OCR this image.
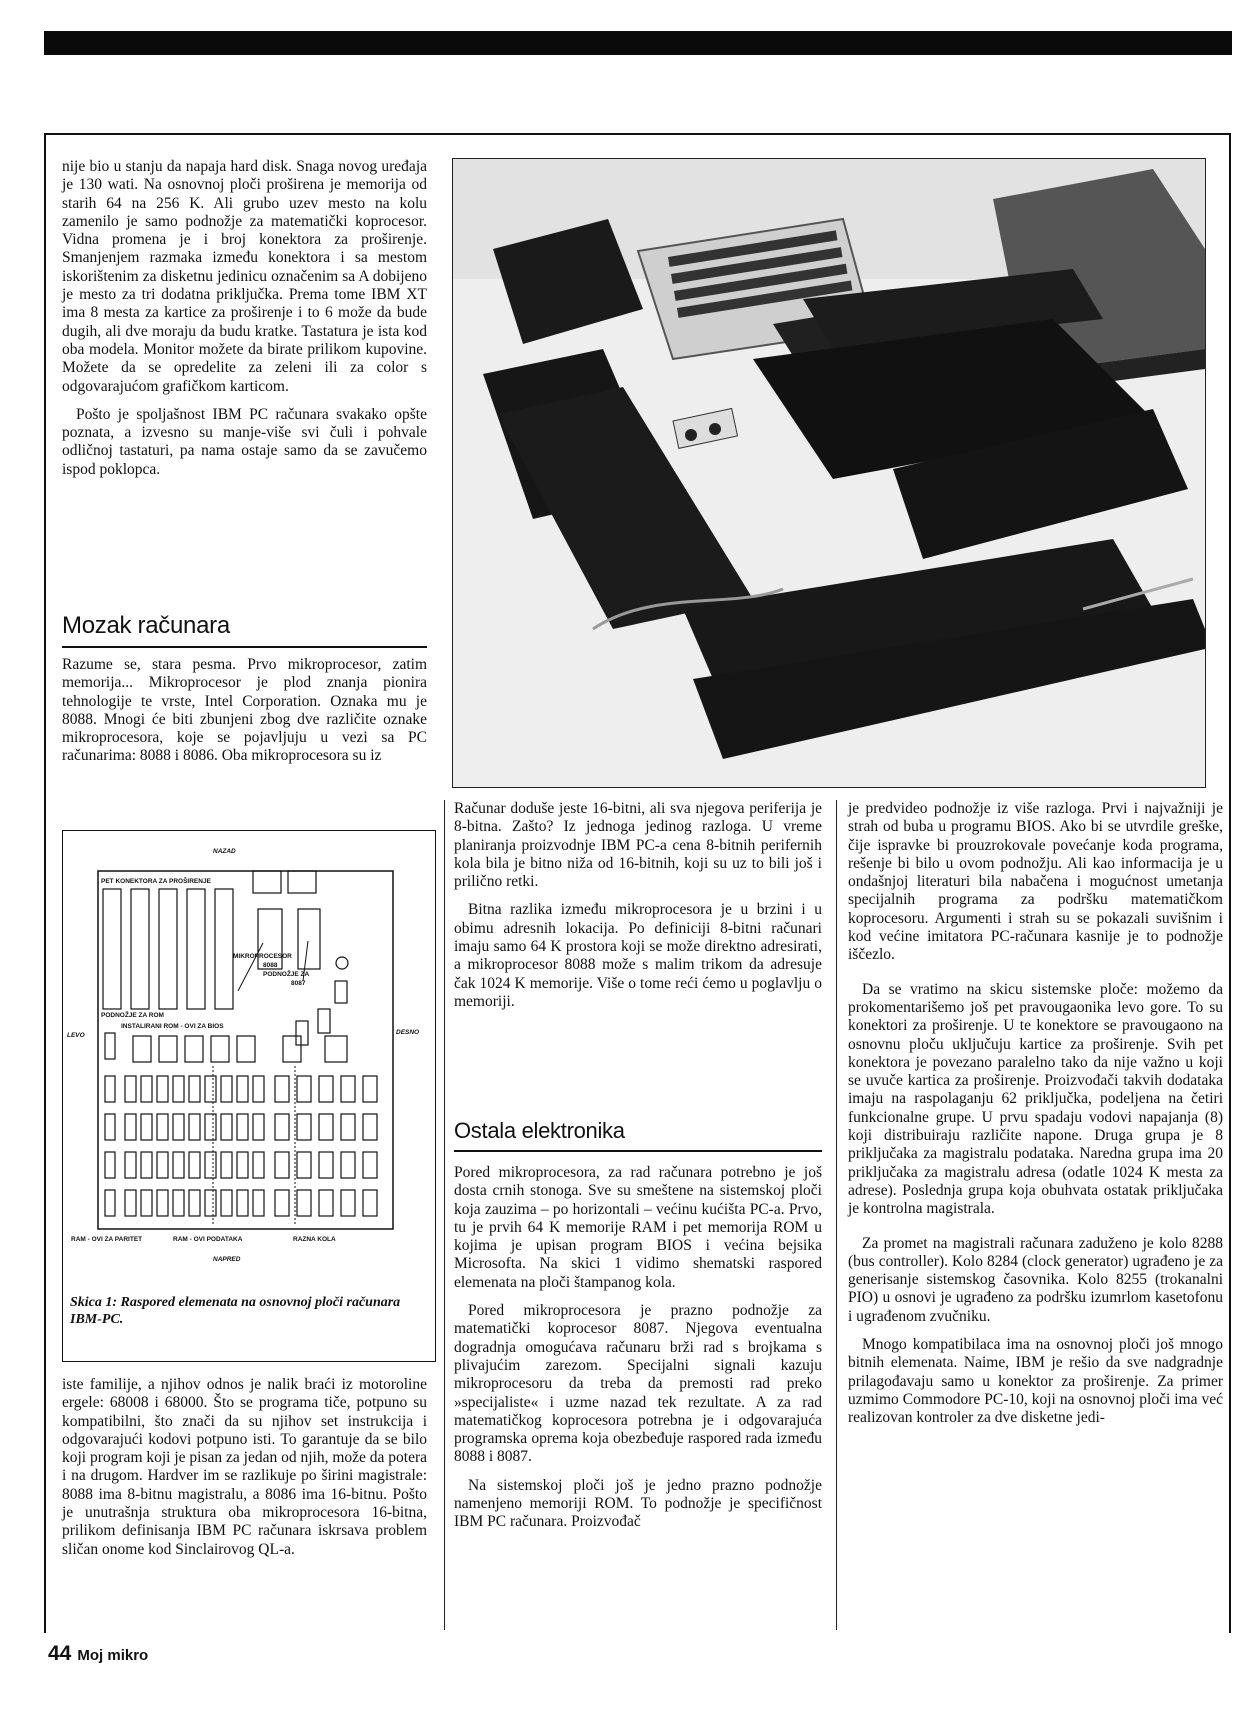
nije bio u stanju da napaja hard disk. Snaga novog uređaja je 130 wati. Na osnovnoj ploči proširena je memorija od starih 64 na 256 K. Ali grubo uzev mesto na kolu zamenilo je samo podnožje za matematički koprocesor. Vidna promena je i broj konektora za proširenje. Smanjenjem razmaka između konektora i sa mestom iskorištenim za disketnu jedinicu označenim sa A dobijeno je mesto za tri dodatna priključka. Prema tome IBM XT ima 8 mesta za kartice za proširenje i to 6 može da bude dugih, ali dve moraju da budu kratke. Tastatura je ista kod oba modela. Monitor možete da birate prilikom kupovine. Možete da se opredelite za zeleni ili za color s odgovarajućom grafičkom karticom.

Pošto je spoljašnost IBM PC računara svakako opšte poznata, a izvesno su manje-više svi čuli i pohvale odličnoj tastaturi, pa nama ostaje samo da se zavučemo ispod poklopca.

Mozak računara

Razume se, stara pesma. Prvo mikroprocesor, zatim memorija... Mikroprocesor je plod znanja pionira tehnologije te vrste, Intel Corporation. Oznaka mu je 8088. Mnogi će biti zbunjeni zbog dve različite oznake mikroprocesora, koje se pojavljuju u vezi sa PC računarima: 8088 i 8086. Oba mikroprocesora su iz

NAZAD
PET KONEKTORA ZA PROŠIRENJE
MIKROPROCESOR
8088
PODNOŽJE ZA
8087
PODNOŽJE ZA ROM
INSTALIRANI ROM - OVI ZA BIOS
LEVO	DESNO
RAM - OVI ZA PARITET	RAM - OVI PODATAKA	RAZNA KOLA
NAPRED
Skica 1: Raspored elemenata na osnovnoj ploči računara IBM-PC.

iste familije, a njihov odnos je nalik braći iz motoroline ergele: 68008 i 68000. Što se programa tiče, potpuno su kompatibilni, što znači da su njihov set instrukcija i odgovarajući kodovi potpuno isti. To garantuje da se bilo koji program koji je pisan za jedan od njih, može da potera i na drugom. Hardver im se razlikuje po širini magistrale: 8088 ima 8-bitnu magistralu, a 8086 ima 16-bitnu. Pošto je unutrašnja struktura oba mikroprocesora 16-bitna, prilikom definisanja IBM PC računara iskrsava problem sličan onome kod Sinclairovog QL-a.

Računar doduše jeste 16-bitni, ali sva njegova periferija je 8-bitna. Zašto? Iz jednoga jedinog razloga. U vreme planiranja proizvodnje IBM PC-a cena 8-bitnih perifernih kola bila je bitno niža od 16-bitnih, koji su uz to bili još i prilično retki.

Bitna razlika između mikroprocesora je u brzini i u obimu adresnih lokacija. Po definiciji 8-bitni računari imaju samo 64 K prostora koji se može direktno adresirati, a mikroprocesor 8088 može s malim trikom da adresuje čak 1024 K memorije. Više o tome reći ćemo u poglavlju o memoriji.

Ostala elektronika

Pored mikroprocesora, za rad računara potrebno je još dosta crnih stonoga. Sve su smeštene na sistemskoj ploči koja zauzima – po horizontali – većinu kućišta PC-a. Prvo, tu je prvih 64 K memorije RAM i pet memorija ROM u kojima je upisan program BIOS i većina bejsika Microsofta. Na skici 1 vidimo shematski raspored elemenata na ploči štampanog kola.

Pored mikroprocesora je prazno podnožje za matematički koprocesor 8087. Njegova eventualna dogradnja omogućava računaru brži rad s brojkama s plivajućim zarezom. Specijalni signali kazuju mikroprocesoru da treba da premosti rad preko »specijaliste« i uzme nazad tek rezultate. A za rad matematičkog koprocesora potrebna je i odgovarajuća programska oprema koja obezbeđuje raspored rada između 8088 i 8087.

Na sistemskoj ploči još je jedno prazno podnožje namenjeno memoriji ROM. To podnožje je specifičnost IBM PC računara. Proizvođač

je predvideo podnožje iz više razloga. Prvi i najvažniji je strah od buba u programu BIOS. Ako bi se utvrdile greške, čije ispravke bi prouzrokovale povećanje koda programa, rešenje bi bilo u ovom podnožju. Ali kao informacija je u ondašnjoj literaturi bila nabačena i mogućnost umetanja specijalnih programa za podršku matematičkom koprocesoru. Argumenti i strah su se pokazali suvišnim i kod većine imitatora PC-računara kasnije je to podnožje iščezlo.

Da se vratimo na skicu sistemske ploče: možemo da prokomentarišemo još pet pravougaonika levo gore. To su konektori za proširenje. U te konektore se pravougaono na osnovnu ploču uključuju kartice za proširenje. Svih pet konektora je povezano paralelno tako da nije važno u koji se uvuče kartica za proširenje. Proizvođači takvih dodataka imaju na raspolaganju 62 priključka, podeljena na četiri funkcionalne grupe. U prvu spadaju vodovi napajanja (8) koji distribuiraju različite napone. Druga grupa je 8 priključaka za magistralu podataka. Naredna grupa ima 20 priključaka za magistralu adresa (odatle 1024 K mesta za adrese). Poslednja grupa koja obuhvata ostatak priključaka je kontrolna magistrala.

Za promet na magistrali računara zaduženo je kolo 8288 (bus controller). Kolo 8284 (clock generator) ugrađeno je za generisanje sistemskog časovnika. Kolo 8255 (trokanalni PIO) u osnovi je ugrađeno za podršku izumrlom kasetofonu i ugrađenom zvučniku.

Mnogo kompatibilaca ima na osnovnoj ploči još mnogo bitnih elemenata. Naime, IBM je rešio da sve nadgradnje prilagođavaju samo u konektor za proširenje. Za primer uzmimo Commodore PC-10, koji na osnovnoj ploči ima već realizovan kontroler za dve disketne jedi-

44 Moj mikro
